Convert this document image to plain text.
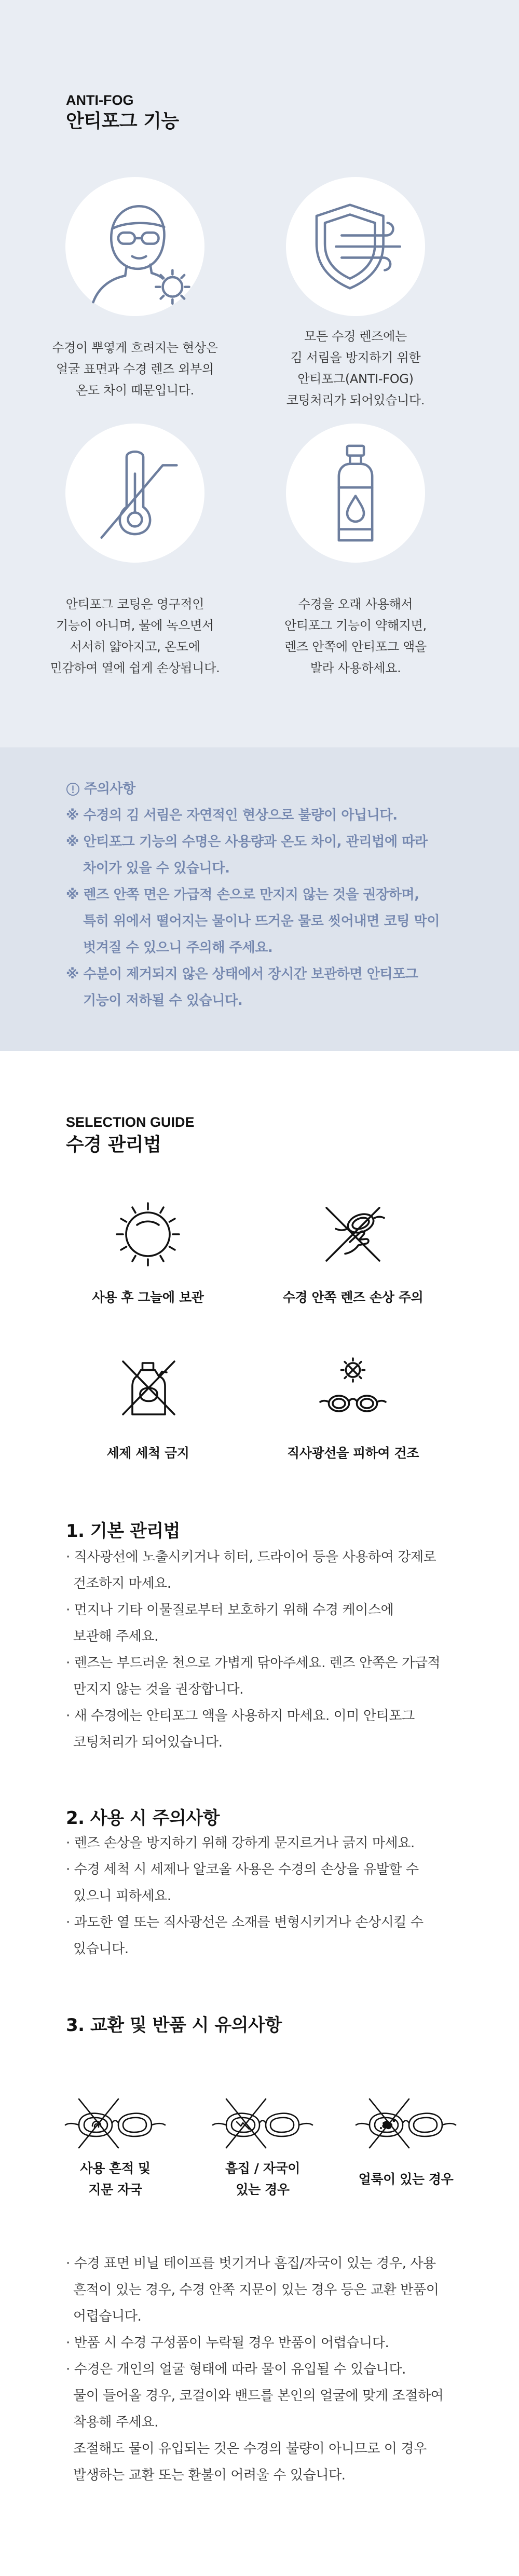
ANTI-FOG
안티포그 기능
수경이 뿌옇게 흐려지는 현상은
얼굴 표면과 수경 렌즈 외부의
온도 차이 때문입니다.
모든 수경 렌즈에는
김 서림을 방지하기 위한
안티포그(ANTI-FOG)
코팅처리가 되어있습니다.
안티포그 코팅은 영구적인
기능이 아니며, 물에 녹으면서
서서히 얇아지고, 온도에
민감하여 열에 쉽게 손상됩니다.
수경을 오래 사용해서
안티포그 기능이 약해지면,
렌즈 안쪽에 안티포그 액을
발라 사용하세요.
주의사항
※ 수경의 김 서림은 자연적인 현상으로 불량이 아닙니다.
※ 안티포그 기능의 수명은 사용량과 온도 차이, 관리법에 따라
차이가 있을 수 있습니다.
※ 렌즈 안쪽 면은 가급적 손으로 만지지 않는 것을 권장하며,
특히 위에서 떨어지는 물이나 뜨거운 물로 씻어내면 코팅 막이
벗겨질 수 있으니 주의해 주세요.
※ 수분이 제거되지 않은 상태에서 장시간 보관하면 안티포그
기능이 저하될 수 있습니다.
SELECTION GUIDE
수경 관리법
사용 후 그늘에 보관	수경 안쪽 렌즈 손상 주의
세제 세척 금지	직사광선을 피하여 건조
1. 기본 관리법
· 직사광선에 노출시키거나 히터, 드라이어 등을 사용하여 강제로
건조하지 마세요.
· 먼지나 기타 이물질로부터 보호하기 위해 수경 케이스에
보관해 주세요.
· 렌즈는 부드러운 천으로 가볍게 닦아주세요. 렌즈 안쪽은 가급적
만지지 않는 것을 권장합니다.
· 새 수경에는 안티포그 액을 사용하지 마세요. 이미 안티포그
코팅처리가 되어있습니다.
2. 사용 시 주의사항
· 렌즈 손상을 방지하기 위해 강하게 문지르거나 긁지 마세요.
· 수경 세척 시 세제나 알코올 사용은 수경의 손상을 유발할 수
있으니 피하세요.
· 과도한 열 또는 직사광선은 소재를 변형시키거나 손상시킬 수
있습니다.
3. 교환 및 반품 시 유의사항
사용 흔적 및
지문 자국
흠집 / 자국이
있는 경우
얼룩이 있는 경우
· 수경 표면 비닐 테이프를 벗기거나 흠집/자국이 있는 경우, 사용
흔적이 있는 경우, 수경 안쪽 지문이 있는 경우 등은 교환 반품이
어렵습니다.
· 반품 시 수경 구성품이 누락될 경우 반품이 어렵습니다.
· 수경은 개인의 얼굴 형태에 따라 물이 유입될 수 있습니다.
물이 들어올 경우, 코걸이와 밴드를 본인의 얼굴에 맞게 조절하여
착용해 주세요.
조절해도 물이 유입되는 것은 수경의 불량이 아니므로 이 경우
발생하는 교환 또는 환불이 어려울 수 있습니다.
